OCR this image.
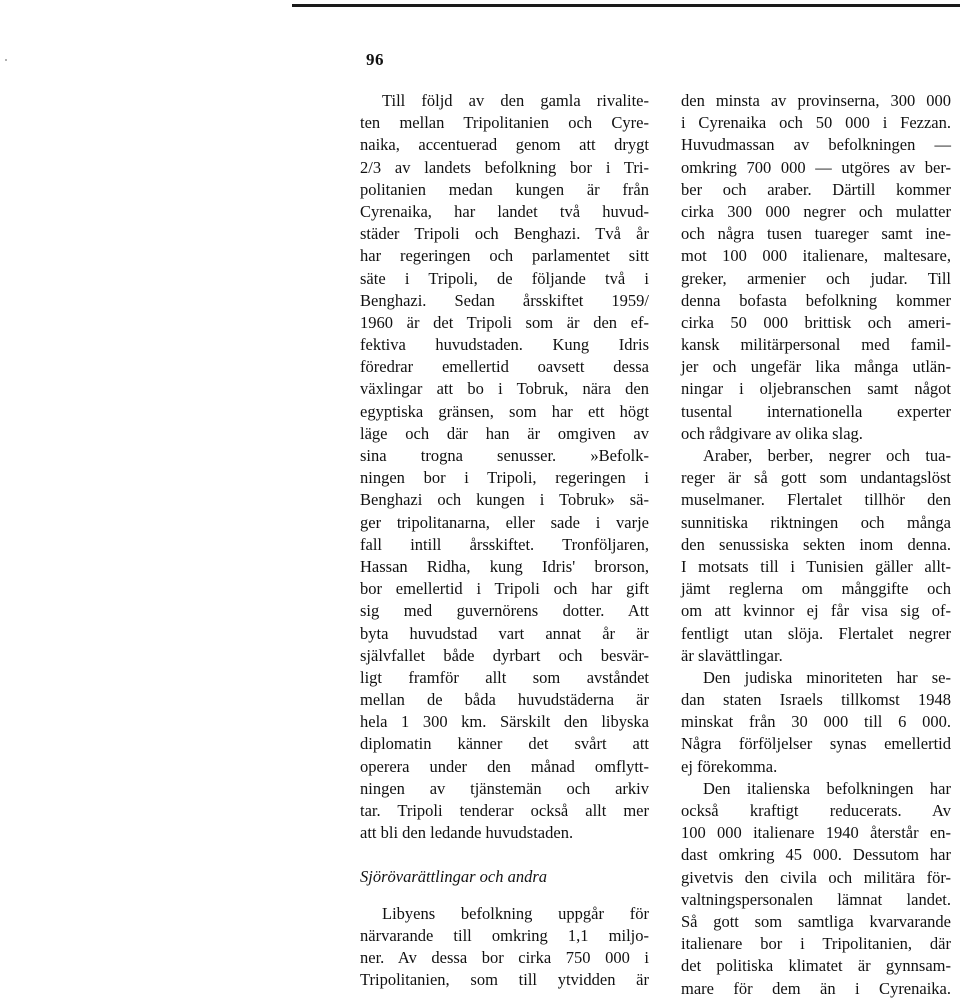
96
Till följd av den gamla rivalite-
ten mellan Tripolitanien och Cyre-
naika, accentuerad genom att drygt
2/3 av landets befolkning bor i Tri-
politanien medan kungen är från
Cyrenaika, har landet två huvud-
städer Tripoli och Benghazi. Två år
har regeringen och parlamentet sitt
säte i Tripoli, de följande två i
Benghazi. Sedan årsskiftet 1959/
1960 är det Tripoli som är den ef-
fektiva huvudstaden. Kung Idris
föredrar emellertid oavsett dessa
växlingar att bo i Tobruk, nära den
egyptiska gränsen, som har ett högt
läge och där han är omgiven av
sina trogna senusser. »Befolk-
ningen bor i Tripoli, regeringen i
Benghazi och kungen i Tobruk» sä-
ger tripolitanarna, eller sade i varje
fall intill årsskiftet. Tronföljaren,
Hassan Ridha, kung Idris' brorson,
bor emellertid i Tripoli och har gift
sig med guvernörens dotter. Att
byta huvudstad vart annat år är
självfallet både dyrbart och besvär-
ligt framför allt som avståndet
mellan de båda huvudstäderna är
hela 1 300 km. Särskilt den libyska
diplomatin känner det svårt att
operera under den månad omflytt-
ningen av tjänstemän och arkiv
tar. Tripoli tenderar också allt mer
att bli den ledande huvudstaden.
Sjörövarättlingar och andra
Libyens befolkning uppgår för
närvarande till omkring 1,1 miljo-
ner. Av dessa bor cirka 750 000 i
Tripolitanien, som till ytvidden är
den minsta av provinserna, 300 000
i Cyrenaika och 50 000 i Fezzan.
Huvudmassan av befolkningen —
omkring 700 000 — utgöres av ber-
ber och araber. Därtill kommer
cirka 300 000 negrer och mulatter
och några tusen tuareger samt ine-
mot 100 000 italienare, maltesare,
greker, armenier och judar. Till
denna bofasta befolkning kommer
cirka 50 000 brittisk och ameri-
kansk militärpersonal med famil-
jer och ungefär lika många utlän-
ningar i oljebranschen samt något
tusental internationella experter
och rådgivare av olika slag.
Araber, berber, negrer och tua-
reger är så gott som undantagslöst
muselmaner. Flertalet tillhör den
sunnitiska riktningen och många
den senussiska sekten inom denna.
I motsats till i Tunisien gäller allt-
jämt reglerna om månggifte och
om att kvinnor ej får visa sig of-
fentligt utan slöja. Flertalet negrer
är slavättlingar.
Den judiska minoriteten har se-
dan staten Israels tillkomst 1948
minskat från 30 000 till 6 000.
Några förföljelser synas emellertid
ej förekomma.
Den italienska befolkningen har
också kraftigt reducerats. Av
100 000 italienare 1940 återstår en-
dast omkring 45 000. Dessutom har
givetvis den civila och militära för-
valtningspersonalen lämnat landet.
Så gott som samtliga kvarvarande
italienare bor i Tripolitanien, där
det politiska klimatet är gynnsam-
mare för dem än i Cyrenaika.
